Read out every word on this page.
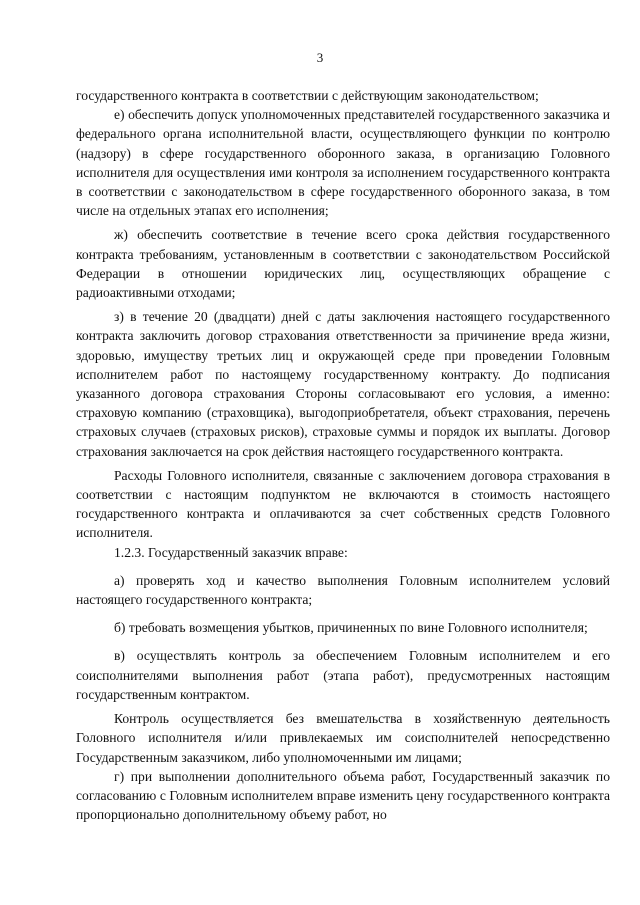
3

государственного контракта в соответствии с действующим законодательством;

е) обеспечить допуск уполномоченных представителей государственного заказчика и федерального органа исполнительной власти, осуществляющего функции по контролю (надзору) в сфере государственного оборонного заказа, в организацию Головного исполнителя для осуществления ими контроля за исполнением государственного контракта в соответствии с законодательством в сфере государственного оборонного заказа, в том числе на отдельных этапах его исполнения;

ж) обеспечить соответствие в течение всего срока действия государственного контракта требованиям, установленным в соответствии с законодательством Российской Федерации в отношении юридических лиц, осуществляющих обращение с радиоактивными отходами;

з) в течение 20 (двадцати) дней с даты заключения настоящего государственного контракта заключить договор страхования ответственности за причинение вреда жизни, здоровью, имуществу третьих лиц и окружающей среде при проведении Головным исполнителем работ по настоящему государственному контракту. До подписания указанного договора страхования Стороны согласовывают его условия, а именно: страховую компанию (страховщика), выгодоприобретателя, объект страхования, перечень страховых случаев (страховых рисков), страховые суммы и порядок их выплаты. Договор страхования заключается на срок действия настоящего государственного контракта.

Расходы Головного исполнителя, связанные с заключением договора страхования в соответствии с настоящим подпунктом не включаются в стоимость настоящего государственного контракта и оплачиваются за счет собственных средств Головного исполнителя.

1.2.3. Государственный заказчик вправе:

а) проверять ход и качество выполнения Головным исполнителем условий настоящего государственного контракта;

б) требовать возмещения убытков, причиненных по вине Головного исполнителя;

в) осуществлять контроль за обеспечением Головным исполнителем и его соисполнителями выполнения работ (этапа работ), предусмотренных настоящим государственным контрактом.

Контроль осуществляется без вмешательства в хозяйственную деятельность Головного исполнителя и/или привлекаемых им соисполнителей непосредственно Государственным заказчиком, либо уполномоченными им лицами;

г) при выполнении дополнительного объема работ, Государственный заказчик по согласованию с Головным исполнителем вправе изменить цену государственного контракта пропорционально дополнительному объему работ, но
